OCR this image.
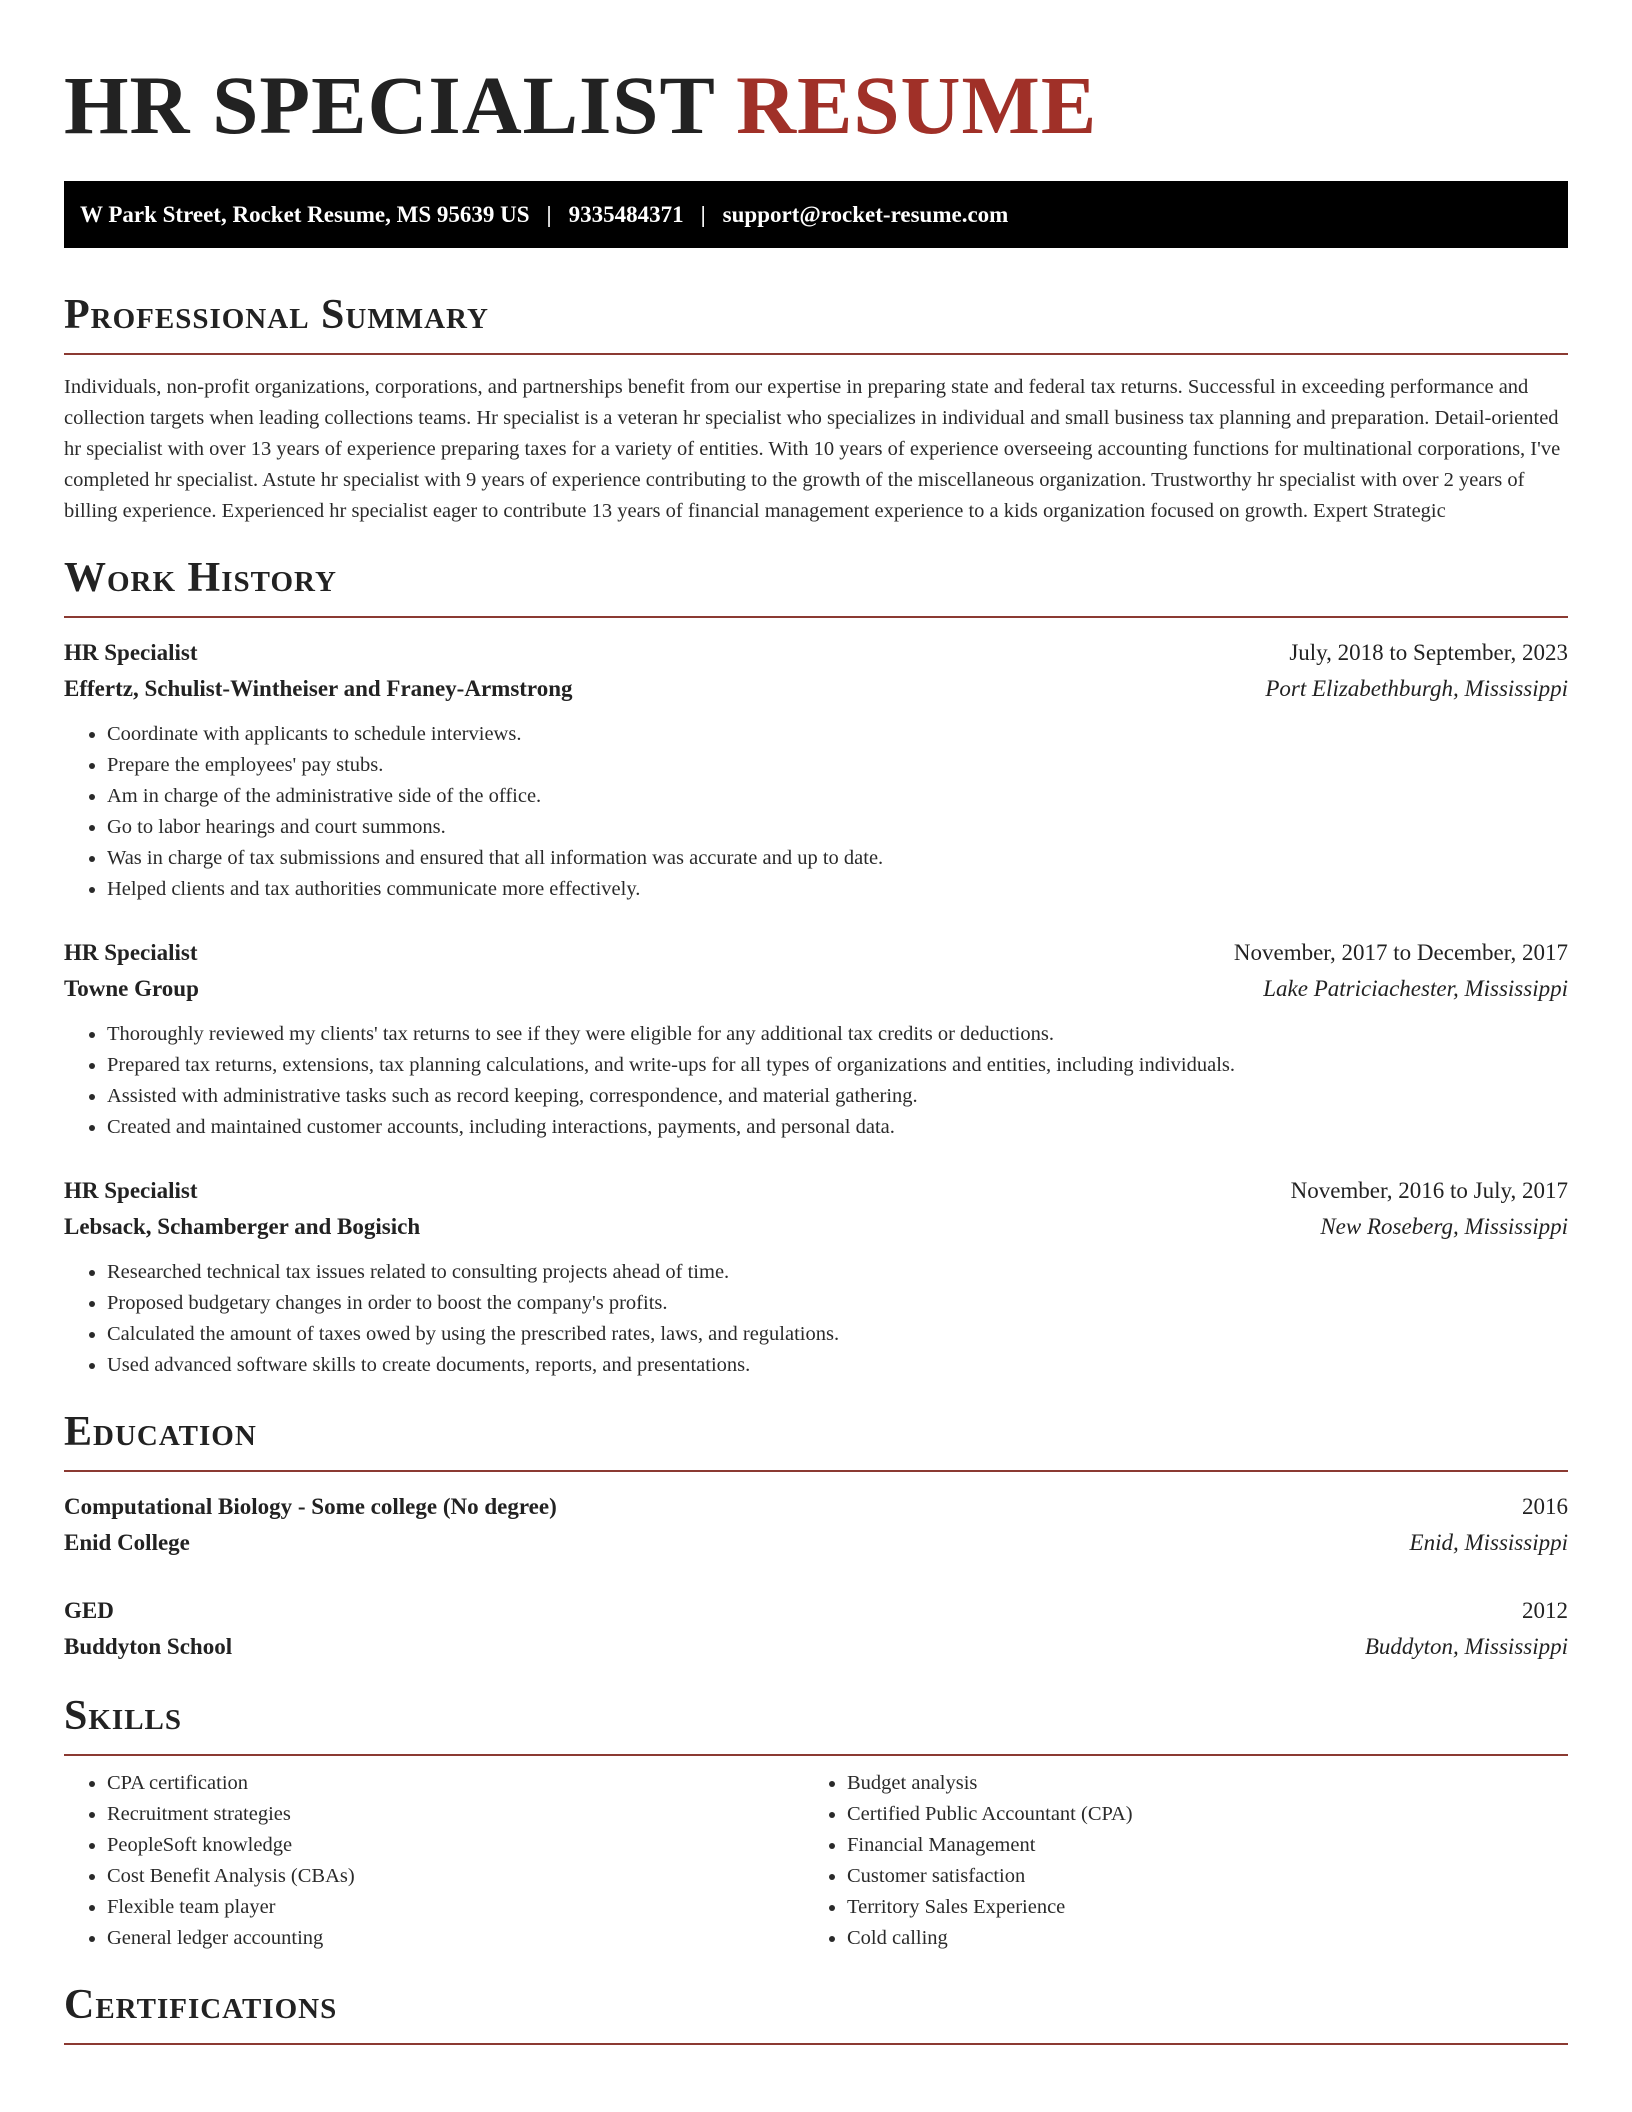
HR SPECIALIST RESUME
W Park Street, Rocket Resume, MS 95639 US | 9335484371 | support@rocket-resume.com
Professional Summary
Individuals, non-profit organizations, corporations, and partnerships benefit from our expertise in preparing state and federal tax returns. Successful in exceeding performance and collection targets when leading collections teams. Hr specialist is a veteran hr specialist who specializes in individual and small business tax planning and preparation. Detail-oriented hr specialist with over 13 years of experience preparing taxes for a variety of entities. With 10 years of experience overseeing accounting functions for multinational corporations, I've completed hr specialist. Astute hr specialist with 9 years of experience contributing to the growth of the miscellaneous organization. Trustworthy hr specialist with over 2 years of billing experience. Experienced hr specialist eager to contribute 13 years of financial management experience to a kids organization focused on growth. Expert Strategic
Work History
HR Specialist	July, 2018 to September, 2023
Effertz, Schulist-Wintheiser and Franey-Armstrong	Port Elizabethburgh, Mississippi
• Coordinate with applicants to schedule interviews.
• Prepare the employees' pay stubs.
• Am in charge of the administrative side of the office.
• Go to labor hearings and court summons.
• Was in charge of tax submissions and ensured that all information was accurate and up to date.
• Helped clients and tax authorities communicate more effectively.
HR Specialist	November, 2017 to December, 2017
Towne Group	Lake Patriciachester, Mississippi
• Thoroughly reviewed my clients' tax returns to see if they were eligible for any additional tax credits or deductions.
• Prepared tax returns, extensions, tax planning calculations, and write-ups for all types of organizations and entities, including individuals.
• Assisted with administrative tasks such as record keeping, correspondence, and material gathering.
• Created and maintained customer accounts, including interactions, payments, and personal data.
HR Specialist	November, 2016 to July, 2017
Lebsack, Schamberger and Bogisich	New Roseberg, Mississippi
• Researched technical tax issues related to consulting projects ahead of time.
• Proposed budgetary changes in order to boost the company's profits.
• Calculated the amount of taxes owed by using the prescribed rates, laws, and regulations.
• Used advanced software skills to create documents, reports, and presentations.
Education
Computational Biology - Some college (No degree)	2016
Enid College	Enid, Mississippi
GED	2012
Buddyton School	Buddyton, Mississippi
Skills
• CPA certification
• Recruitment strategies
• PeopleSoft knowledge
• Cost Benefit Analysis (CBAs)
• Flexible team player
• General ledger accounting
• Budget analysis
• Certified Public Accountant (CPA)
• Financial Management
• Customer satisfaction
• Territory Sales Experience
• Cold calling
Certifications
